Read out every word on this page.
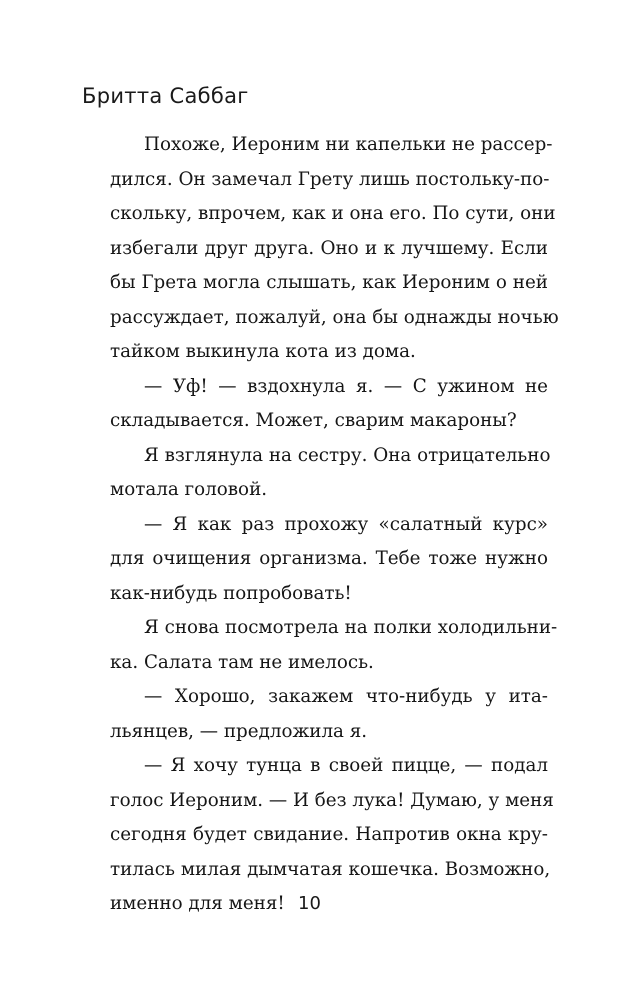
Бритта Саббаг
Похоже, Иероним ни капельки не рассер-
дился. Он замечал Грету лишь постольку-по-
скольку, впрочем, как и она его. По сути, они
избегали друг друга. Оно и к лучшему. Если
бы Грета могла слышать, как Иероним о ней
рассуждает, пожалуй, она бы однажды ночью
тайком выкинула кота из дома.
— Уф! — вздохнула я. — С ужином не
складывается. Может, сварим макароны?
Я взглянула на сестру. Она отрицательно
мотала головой.
— Я как раз прохожу «салатный курс»
для очищения организма. Тебе тоже нужно
как-нибудь попробовать!
Я снова посмотрела на полки холодильни-
ка. Салата там не имелось.
— Хорошо, закажем что-нибудь у ита-
льянцев, — предложила я.
— Я хочу тунца в своей пицце, — подал
голос Иероним. — И без лука! Думаю, у меня
сегодня будет свидание. Напротив окна кру-
тилась милая дымчатая кошечка. Возможно,
именно для меня! 10
